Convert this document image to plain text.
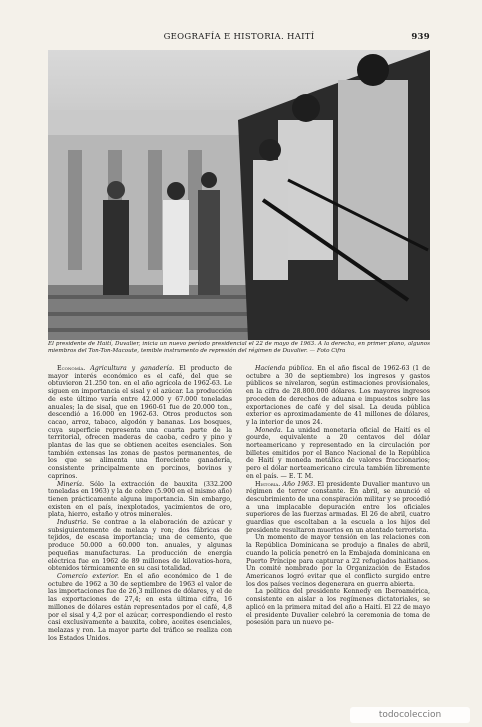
GEOGRAFÍA E HISTORIA. HAITÍ	939
El presidente de Haití, Duvalier, inicia un nuevo período presidencial el 22 de mayo de 1963. A la derecha, en primer plano, algunos miembros del Ton-Ton-Macoute, temible instrumento de represión del régimen de Duvalier. — Foto Cifra

Economía. Agricultura y ganadería. El producto de mayor interés económico es el café, del que se obtuvieron 21.250 ton. en el año agrícola de 1962-63. Le siguen en importancia el sisal y el azúcar. La producción de este último varía entre 42.000 y 67.000 toneladas anuales; la de sisal, que en 1960-61 fue de 20.000 ton., descendió a 16.000 en 1962-63. Otros productos son cacao, arroz, tabaco, algodón y bananas. Los bosques, cuya superficie representa una cuarta parte de la territorial, ofrecen maderas de caoba, cedro y pino y plantas de las que se obtienen aceites esenciales. Son también extensas las zonas de pastos permanentes, de los que se alimenta una floreciente ganadería, consistente principalmente en porcinos, bovinos y caprinos.

Minería. Sólo la extracción de bauxita (332.200 toneladas en 1963) y la de cobre (5.900 en el mismo año) tienen prácticamente alguna importancia. Sin embargo, existen en el país, inexplotados, yacimientos de oro, plata, hierro, estaño y otros minerales.

Industria. Se contrae a la elaboración de azúcar y subsiguientemente de melaza y ron; dos fábricas de tejidos, de escasa importancia; una de cemento, que produce 50.000 a 60.000 ton. anuales, y algunas pequeñas manufacturas. La producción de energía eléctrica fue en 1962 de 89 millones de kilovatios-hora, obtenidos térmicamente en su casi totalidad.

Comercio exterior. En el año económico de 1 de octubre de 1962 a 30 de septiembre de 1963 el valor de las importaciones fue de 26,3 millones de dólares, y el de las exportaciones de 27,4; en esta última cifra, 16 millones de dólares están representados por el café, 4,8 por el sisal y 4,2 por el azúcar, correspondiendo el resto casi exclusivamente a bauxita, cobre, aceites esenciales, melazas y ron. La mayor parte del tráfico se realiza con los Estados Unidos.

Hacienda pública. En el año fiscal de 1962-63 (1 de octubre a 30 de septiembre) los ingresos y gastos públicos se nivelaron, según estimaciones provisionales, en la cifra de 28.800.000 dólares. Los mayores ingresos proceden de derechos de aduana e impuestos sobre las exportaciones de café y del sisal. La deuda pública exterior es aproximadamente de 41 millones de dólares, y la interior de unos 24.

Moneda. La unidad monetaria oficial de Haití es el gourde, equivalente a 20 centavos del dólar norteamericano y representado en la circulación por billetes emitidos por el Banco Nacional de la República de Haití y moneda metálica de valores fraccionarios; pero el dólar norteamericano circula también libremente en el país. — E. T. M.

Historia. Año 1963. El presidente Duvalier mantuvo un régimen de terror constante. En abril, se anunció el descubrimiento de una conspiración militar y se procedió a una implacable depuración entre los oficiales superiores de las fuerzas armadas. El 26 de abril, cuatro guardias que escoltaban a la escuela a los hijos del presidente resultaron muertos en un atentado terrorista.

Un momento de mayor tensión en las relaciones con la República Dominicana se produjo a finales de abril, cuando la policía penetró en la Embajada dominicana en Puerto Príncipe para capturar a 22 refugiados haitianos. Un comité nombrado por la Organización de Estados Americanos logró evitar que el conflicto surgido entre los dos países vecinos degenerara en guerra abierta.

La política del presidente Kennedy en Iberoamérica, consistente en aislar a los regímenes dictatoriales, se aplicó en la primera mitad del año a Haití. El 22 de mayo el presidente Duvalier celebró la ceremonia de toma de posesión para un nuevo pe-

todocoleccion
